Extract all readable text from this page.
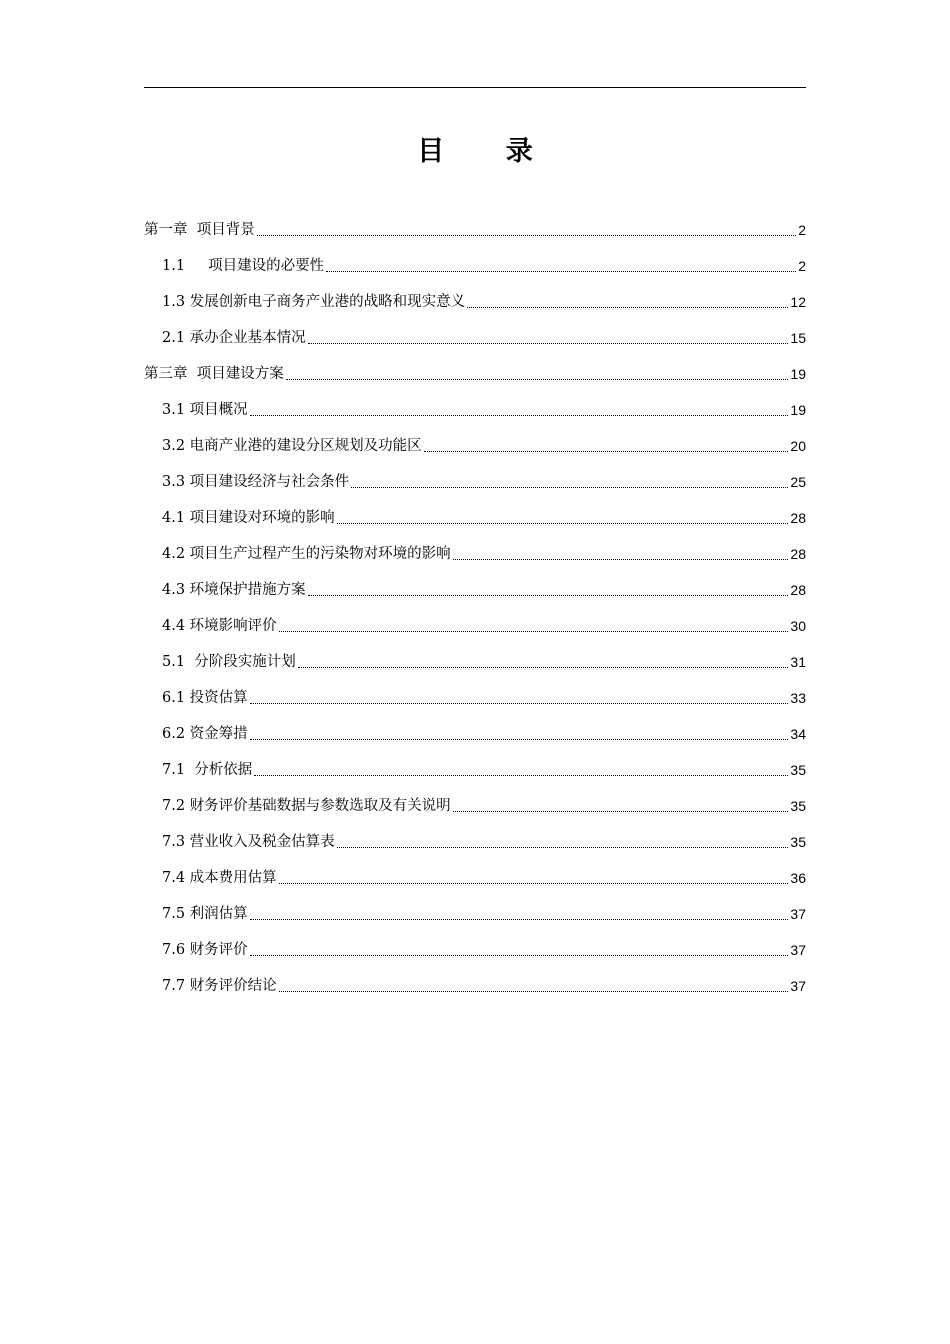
目 录
第一章  项目背景	2
1.1     项目建设的必要性	2
1.3 发展创新电子商务产业港的战略和现实意义	12
2.1 承办企业基本情况	15
第三章  项目建设方案	19
3.1 项目概况	19
3.2 电商产业港的建设分区规划及功能区	20
3.3 项目建设经济与社会条件	25
4.1 项目建设对环境的影响	28
4.2 项目生产过程产生的污染物对环境的影响	28
4.3 环境保护措施方案	28
4.4 环境影响评价	30
5.1  分阶段实施计划	31
6.1 投资估算	33
6.2 资金筹措	34
7.1  分析依据	35
7.2 财务评价基础数据与参数选取及有关说明	35
7.3 营业收入及税金估算表	35
7.4 成本费用估算	36
7.5 利润估算	37
7.6 财务评价	37
7.7 财务评价结论	37
